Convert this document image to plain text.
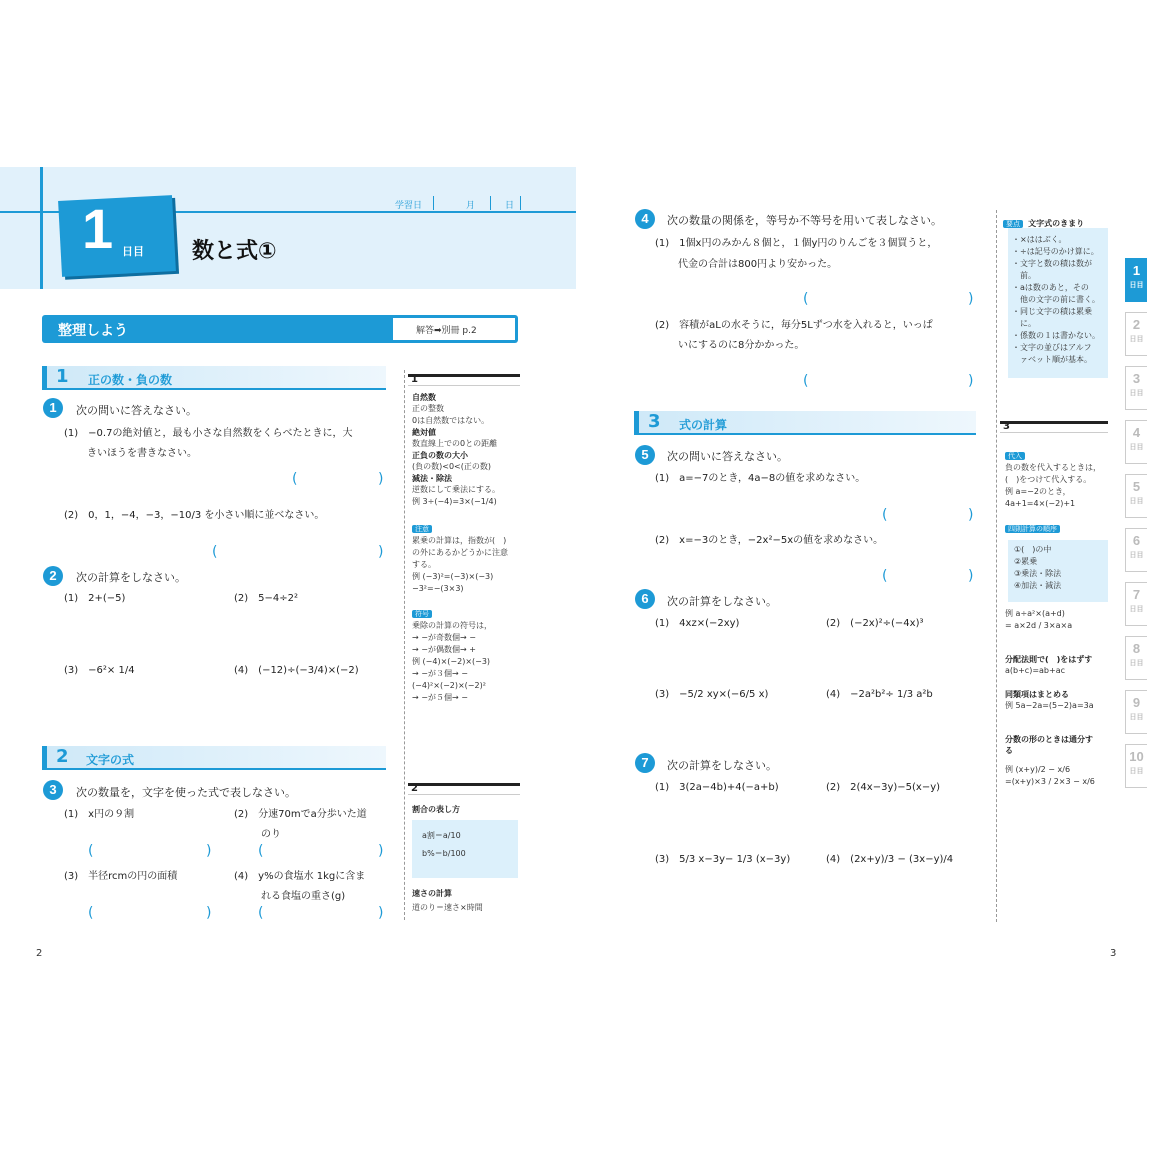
1 日目 数と式①
学習日	月	日
整理しよう	解答➡別冊 p.2
1 正の数・負の数
1	次の問いに答えなさい。
(1)　−0.7の絶対値と，最も小さな自然数をくらべたときに，大
きいほうを書きなさい。
(	)
(2)　0，1，−4，−3，−10/3 を小さい順に並べなさい。
(	)
2	次の計算をしなさい。
(1)　2+(−5)	(2)　5−4÷2²
(3)　−6²× 1/4	(4)　(−12)÷(−3/4)×(−2)
2 文字の式
3	次の数量を，文字を使った式で表しなさい。
(1)　x円の９割	(2)　分速70mでa分歩いた道
のり
(	)	(	)
(3)　半径rcmの円の面積	(4)　y%の食塩水 1kgに含ま
れる食塩の重さ(g)
(	)	(	)
1
自然数
正の整数
0は自然数ではない。
絶対値
数直線上での0との距離
正負の数の大小
(負の数)<0<(正の数)
減法・除法
逆数にして乗法にする。
例 3÷(−4)=3×(−1/4)
注意
累乗の計算は，指数が(　)
の外にあるかどうかに注意
する。
例 (−3)²=(−3)×(−3)
−3²=−(3×3)
符号
乗除の計算の符号は，
→ −が奇数個→ −
→ −が偶数個→ +
例 (−4)×(−2)×(−3)
→ −が３個→ −
(−4)²×(−2)×(−2)²
→ −が５個→ −
2
割合の表し方
a割＝a/10
b%＝b/100
速さの計算
道のり＝速さ×時間
2
4	次の数量の関係を，等号か不等号を用いて表しなさい。
(1)　1個x円のみかん８個と，１個y円のりんごを３個買うと，
代金の合計は800円より安かった。
(	)
(2)　容積がaLの水そうに，毎分5Lずつ水を入れると，いっぱ
いにするのに8分かかった。
(	)
3 式の計算
5	次の問いに答えなさい。
(1)　a=−7のとき，4a−8の値を求めなさい。
(	)
(2)　x=−3のとき，−2x²−5xの値を求めなさい。
(	)
6	次の計算をしなさい。
(1)　4xz×(−2xy)	(2)　(−2x)²÷(−4x)³
(3)　−5/2 xy×(−6/5 x)	(4)　−2a²b²÷ 1/3 a²b
7	次の計算をしなさい。
(1)　3(2a−4b)+4(−a+b)	(2)　2(4x−3y)−5(x−y)
(3)　5/3 x−3y− 1/3 (x−3y)	(4)　(2x+y)/3 − (3x−y)/4
要点 文字式のきまり
・×ははぶく。
・÷は記号のかけ算に。
・文字と数の積は数が
　前。
・aは数のあと，その
　他の文字の前に書く。
・同じ文字の積は累乗
　に。
・係数の１は書かない。
・文字の並びはアルフ
　ァベット順が基本。
3
代入
負の数を代入するときは，
(　)をつけて代入する。
例 a=−2のとき，
4a+1=4×(−2)+1
四則計算の順序
①(　)の中
②累乗
③乗法・除法
④加法・減法
例 a÷a²×(a+d)
= a×2d / 3×a×a
分配法則で(　)をはずす
a(b+c)=ab+ac
同類項はまとめる
例 5a−2a=(5−2)a=3a
分数の形のときは通分す
る
例 (x+y)/2 − x/6
=(x+y)×3 / 2×3 − x/6
1
日目
2
日目
3
日目
4
日目
5
日目
6
日目
7
日目
8
日目
9
日目
10
日目
3
